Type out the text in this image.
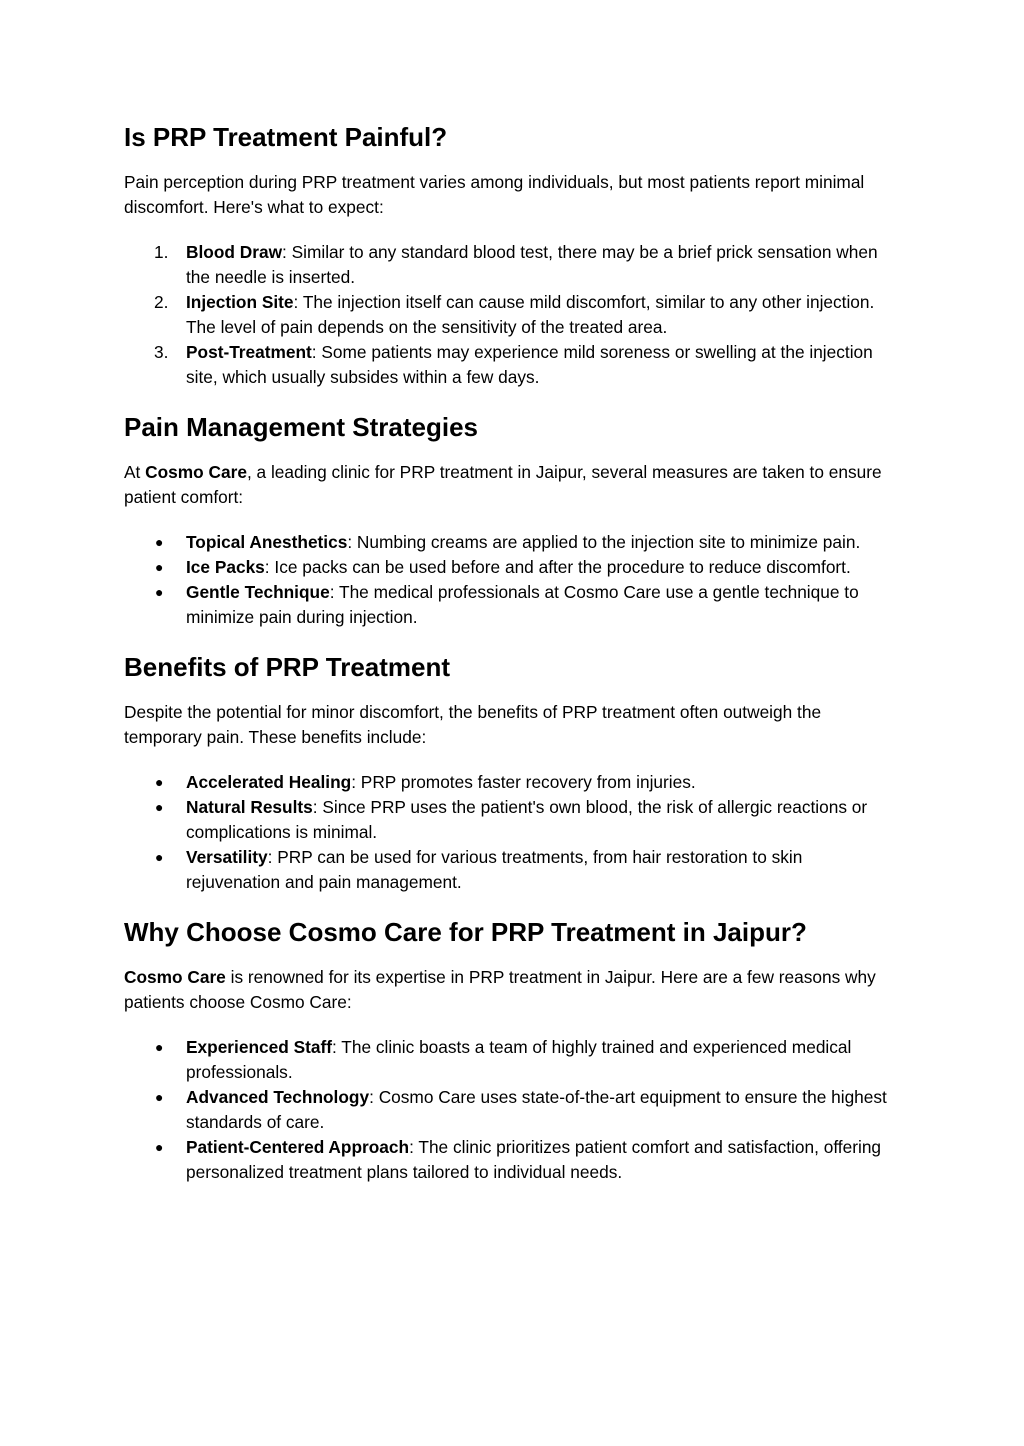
Is PRP Treatment Painful?

Pain perception during PRP treatment varies among individuals, but most patients report minimal discomfort. Here's what to expect:

1.	Blood Draw: Similar to any standard blood test, there may be a brief prick sensation when the needle is inserted.
2.	Injection Site: The injection itself can cause mild discomfort, similar to any other injection. The level of pain depends on the sensitivity of the treated area.
3.	Post-Treatment: Some patients may experience mild soreness or swelling at the injection site, which usually subsides within a few days.
Pain Management Strategies

At Cosmo Care, a leading clinic for PRP treatment in Jaipur, several measures are taken to ensure patient comfort:

● Topical Anesthetics: Numbing creams are applied to the injection site to minimize pain.
● Ice Packs: Ice packs can be used before and after the procedure to reduce discomfort.
● Gentle Technique: The medical professionals at Cosmo Care use a gentle technique to minimize pain during injection.
Benefits of PRP Treatment

Despite the potential for minor discomfort, the benefits of PRP treatment often outweigh the temporary pain. These benefits include:

● Accelerated Healing: PRP promotes faster recovery from injuries.
● Natural Results: Since PRP uses the patient's own blood, the risk of allergic reactions or complications is minimal.
● Versatility: PRP can be used for various treatments, from hair restoration to skin rejuvenation and pain management.
Why Choose Cosmo Care for PRP Treatment in Jaipur?

Cosmo Care is renowned for its expertise in PRP treatment in Jaipur. Here are a few reasons why patients choose Cosmo Care:

● Experienced Staff: The clinic boasts a team of highly trained and experienced medical professionals.
● Advanced Technology: Cosmo Care uses state-of-the-art equipment to ensure the highest standards of care.
● Patient-Centered Approach: The clinic prioritizes patient comfort and satisfaction, offering personalized treatment plans tailored to individual needs.
